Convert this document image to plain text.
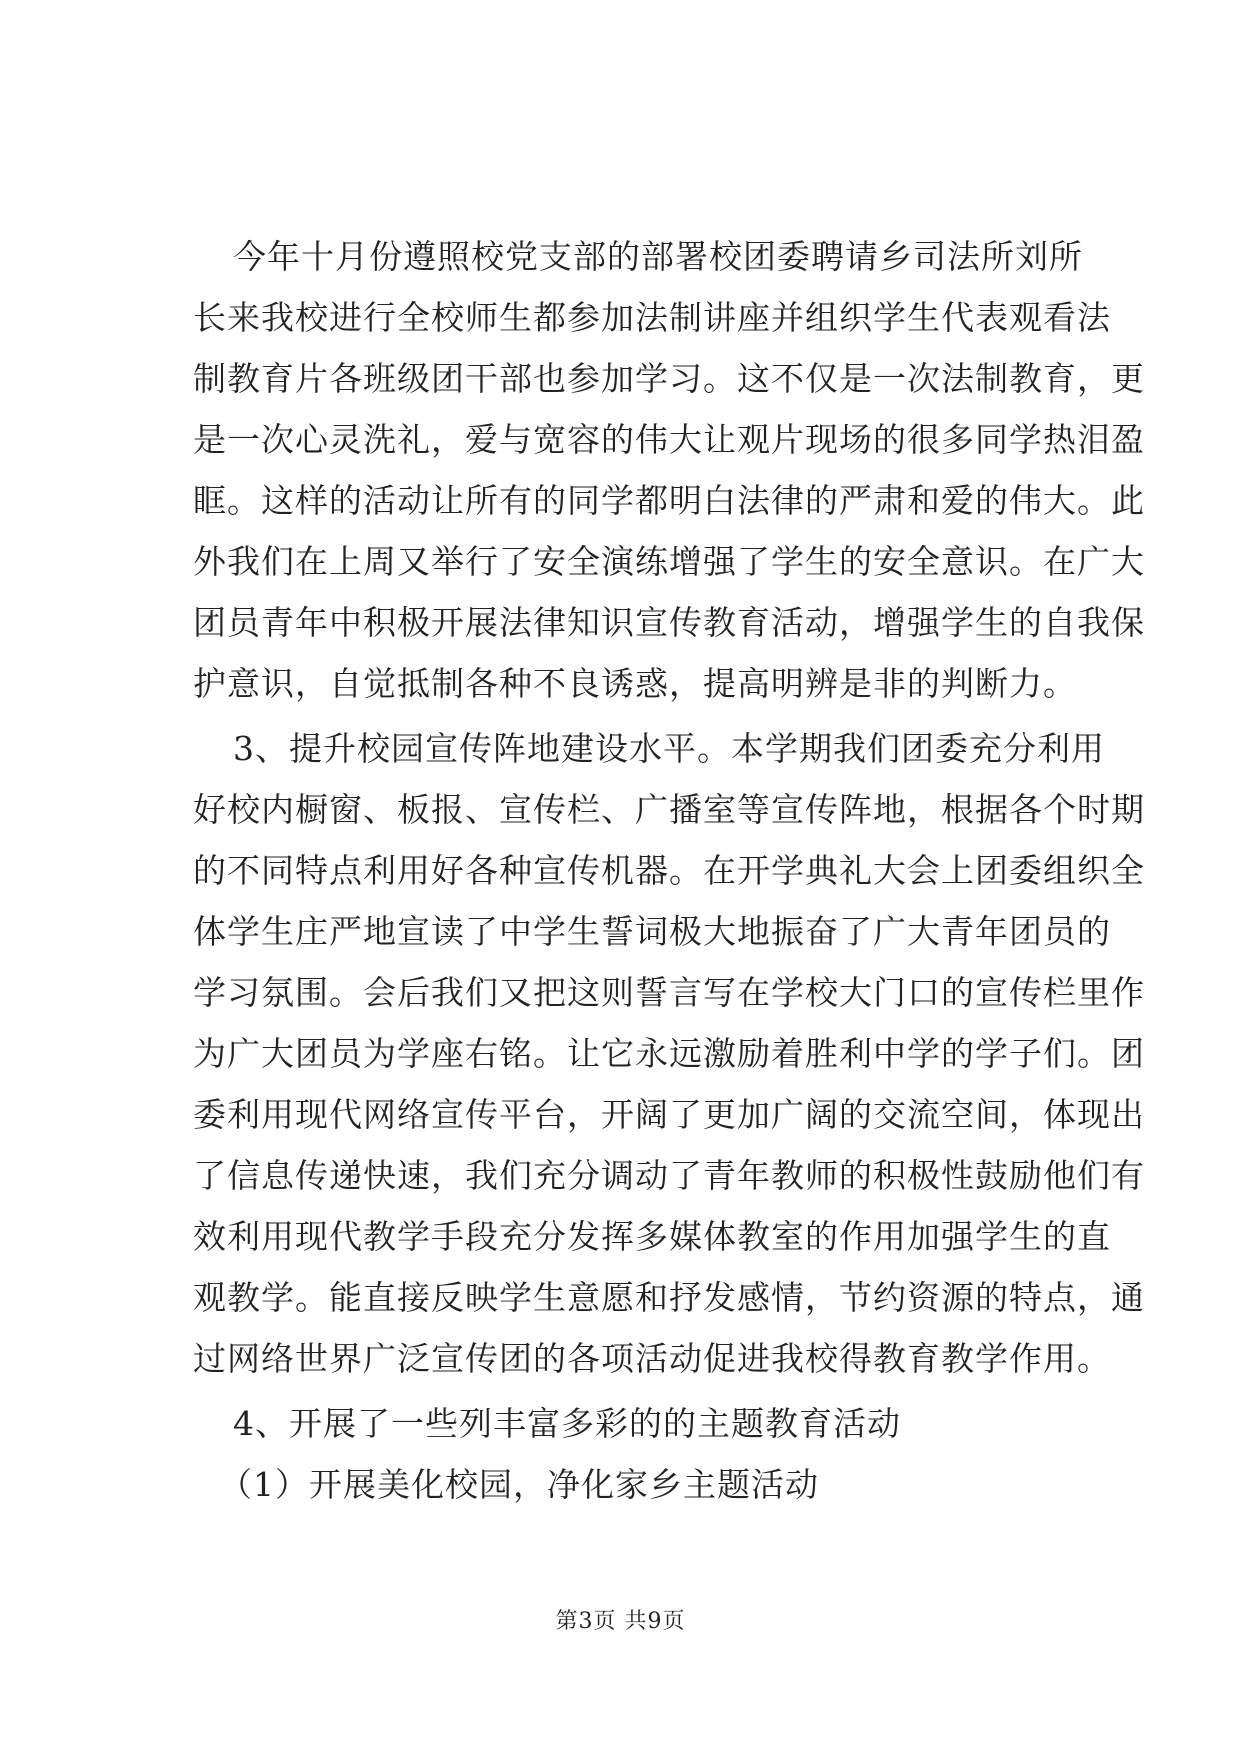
今年十月份遵照校党支部的部署校团委聘请乡司法所刘所
长来我校进行全校师生都参加法制讲座并组织学生代表观看法
制教育片各班级团干部也参加学习。这不仅是一次法制教育，更
是一次心灵洗礼，爱与宽容的伟大让观片现场的很多同学热泪盈
眶。这样的活动让所有的同学都明白法律的严肃和爱的伟大。此
外我们在上周又举行了安全演练增强了学生的安全意识。在广大
团员青年中积极开展法律知识宣传教育活动，增强学生的自我保
护意识，自觉抵制各种不良诱惑，提高明辨是非的判断力。
3、提升校园宣传阵地建设水平。本学期我们团委充分利用
好校内橱窗、板报、宣传栏、广播室等宣传阵地，根据各个时期
的不同特点利用好各种宣传机器。在开学典礼大会上团委组织全
体学生庄严地宣读了中学生誓词极大地振奋了广大青年团员的
学习氛围。会后我们又把这则誓言写在学校大门口的宣传栏里作
为广大团员为学座右铭。让它永远激励着胜利中学的学子们。团
委利用现代网络宣传平台，开阔了更加广阔的交流空间，体现出
了信息传递快速，我们充分调动了青年教师的积极性鼓励他们有
效利用现代教学手段充分发挥多媒体教室的作用加强学生的直
观教学。能直接反映学生意愿和抒发感情，节约资源的特点，通
过网络世界广泛宣传团的各项活动促进我校得教育教学作用。
4、开展了一些列丰富多彩的的主题教育活动
（1）开展美化校园，净化家乡主题活动
第3页 共9页
